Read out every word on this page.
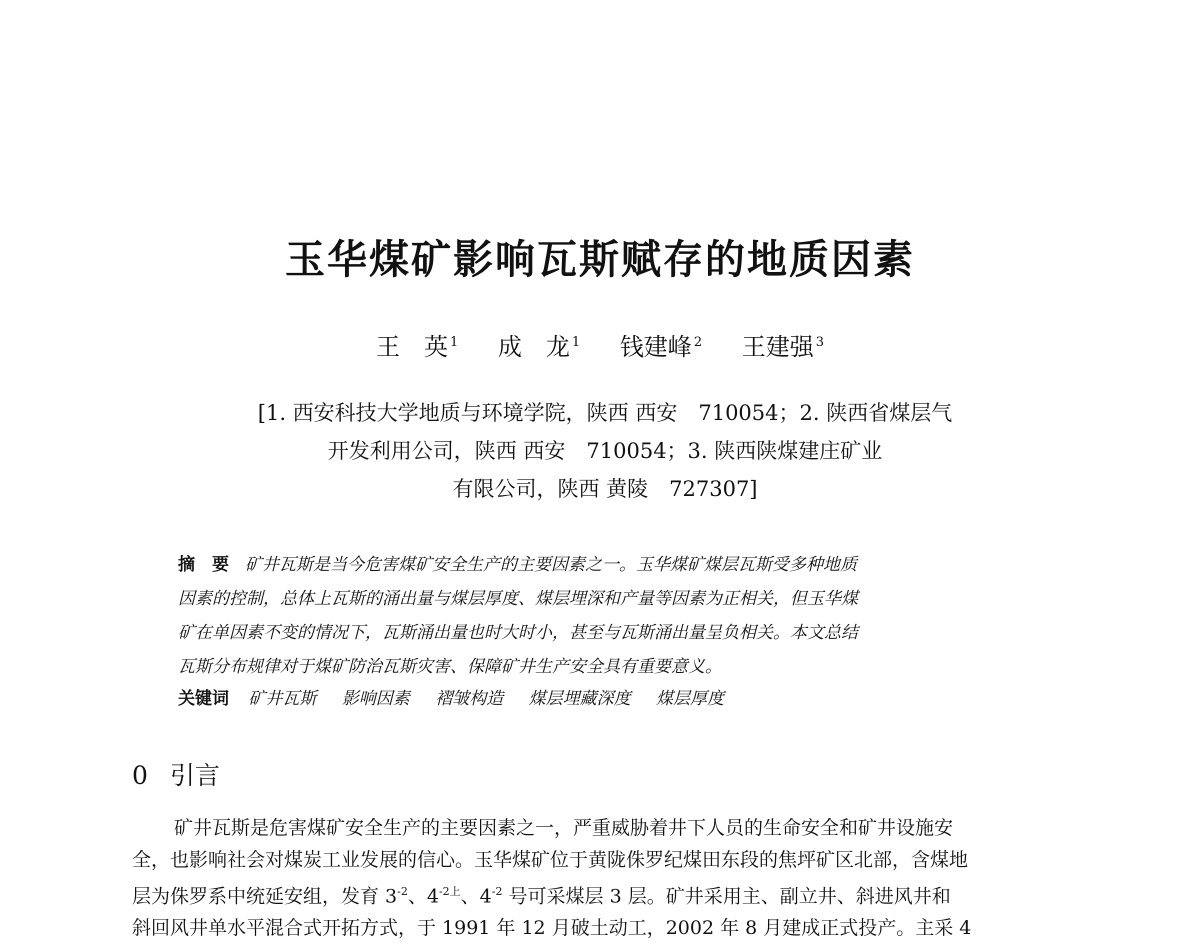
玉华煤矿影响瓦斯赋存的地质因素
王　英 $^1$ 成　龙 $^1$ 钱建峰 $^2$ 王建强 $^3$
[1. 西安科技大学地质与环境学院，陕西 西安　710054；2. 陕西省煤层气
开发利用公司，陕西 西安　710054；3. 陕西陕煤建庄矿业
有限公司，陕西 黄陵　727307]
摘　要 矿井瓦斯是当今危害煤矿安全生产的主要因素之一。玉华煤矿煤层瓦斯受多种地质
因素的控制，总体上瓦斯的涌出量与煤层厚度、煤层埋深和产量等因素为正相关，但玉华煤
矿在单因素不变的情况下，瓦斯涌出量也时大时小，甚至与瓦斯涌出量呈负相关。本文总结
瓦斯分布规律对于煤矿防治瓦斯灾害、保障矿井生产安全具有重要意义。
关键词 矿井瓦斯 影响因素 褶皱构造 煤层埋藏深度 煤层厚度
0 引言
矿井瓦斯是危害煤矿安全生产的主要因素之一，严重威胁着井下人员的生命安全和矿井设施安
全，也影响社会对煤炭工业发展的信心。玉华煤矿位于黄陇侏罗纪煤田东段的焦坪矿区北部，含煤地
层为侏罗系中统延安组，发育 $3^{-2}$、$4^{-2上}$、$4^{-2}$ 号可采煤层 3 层。矿井采用主、副立井、斜进风井和
斜回风井单水平混合式开拓方式，于 1991 年 12 月破土动工，2002 年 8 月建成正式投产。主采 4
